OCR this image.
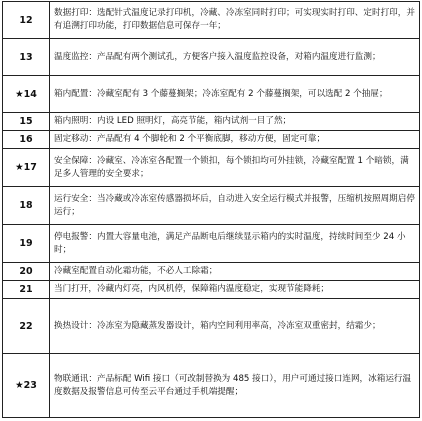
12	数据打印：选配针式温度记录打印机，冷藏、冷冻室同时打印；可实现实时打印、定时打印，并有追溯打印功能，打印数据信息可保存一年；
13	温度监控：产品配有两个测试孔，方便客户接入温度监控设备，对箱内温度进行监测；
★14	箱内配置：冷藏室配有 3 个藤蔓搁架；冷冻室配有 2 个藤蔓搁架，可以选配 2 个抽屉；
15	箱内照明：内设 LED 照明灯，高亮节能，箱内试剂一目了然；
16	固定移动：产品配有 4 个脚轮和 2 个平衡底脚，移动方便，固定可靠；
★17	安全保障：冷藏室、冷冻室各配置一个锁扣，每个锁扣均可外挂锁，冷藏室配置 1 个暗锁，满足多人管理的安全要求；
18	运行安全：当冷藏或冷冻室传感器损坏后，自动进入安全运行模式并报警，压缩机按照周期启停运行；
19	停电报警：内置大容量电池，满足产品断电后继续显示箱内的实时温度，持续时间至少 24 小时；
20	冷藏室配置自动化霜功能，不必人工除霜；
21	当门打开，冷藏内灯亮，内风机停，保障箱内温度稳定，实现节能降耗；
22	换热设计：冷冻室为隐藏蒸发器设计，箱内空间利用率高，冷冻室双重密封，结霜少；
★23	物联通讯：产品标配 Wifi 接口（可改制替换为 485 接口），用户可通过接口连网，冰箱运行温度数据及报警信息可传至云平台通过手机端提醒；
